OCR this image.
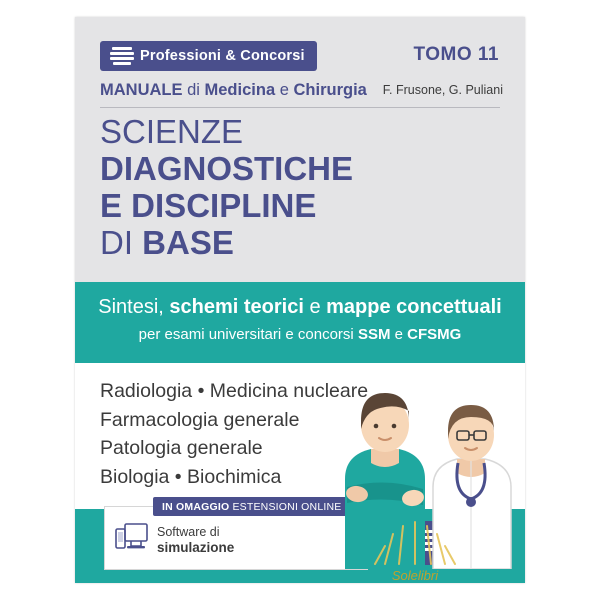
Professioni & Concorsi	TOMO 11
MANUALE di Medicina e Chirurgia F. Frusone, G. Puliani
SCIENZE
DIAGNOSTICHE
E DISCIPLINE
DI BASE
Sintesi, schemi teorici e mappe concettuali
per esami universitari e concorsi SSM e CFSMG
Radiologia • Medicina nucleare
Farmacologia generale
Patologia generale
Biologia • Biochimica
IN OMAGGIO ESTENSIONI ONLINE
Software di
simulazione
Solelibri
